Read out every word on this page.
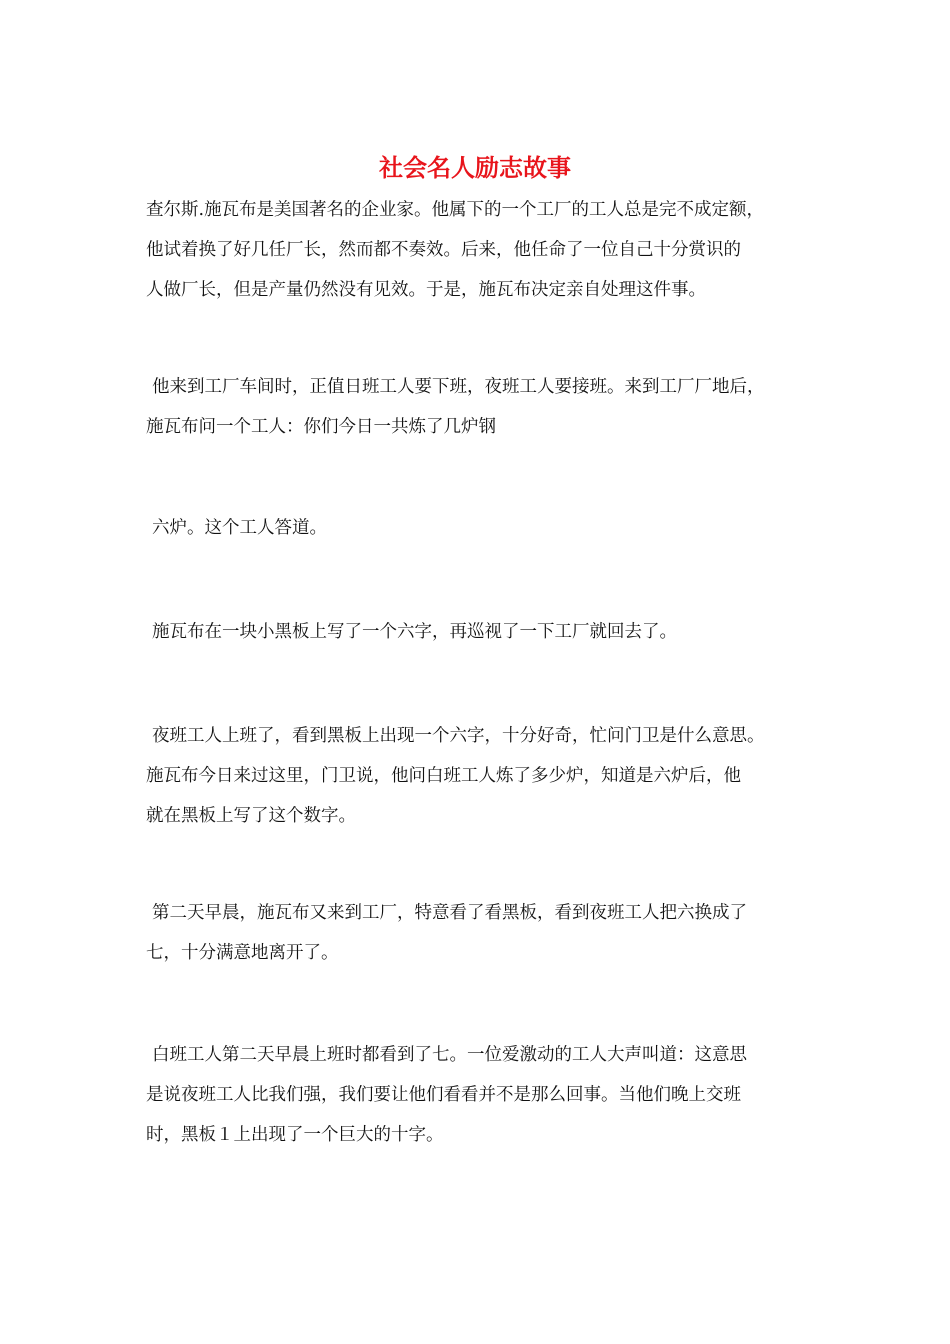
社会名人励志故事
查尔斯.施瓦布是美国著名的企业家。他属下的一个工厂的工人总是完不成定额，
他试着换了好几任厂长，然而都不奏效。后来，他任命了一位自己十分赏识的
人做厂长，但是产量仍然没有见效。于是，施瓦布决定亲自处理这件事。
他来到工厂车间时，正值日班工人要下班，夜班工人要接班。来到工厂厂地后，
施瓦布问一个工人：你们今日一共炼了几炉钢
六炉。这个工人答道。
施瓦布在一块小黑板上写了一个六字，再巡视了一下工厂就回去了。
夜班工人上班了，看到黑板上出现一个六字，十分好奇，忙问门卫是什么意思。
施瓦布今日来过这里，门卫说，他问白班工人炼了多少炉，知道是六炉后，他
就在黑板上写了这个数字。
第二天早晨，施瓦布又来到工厂，特意看了看黑板，看到夜班工人把六换成了
七，十分满意地离开了。
白班工人第二天早晨上班时都看到了七。一位爱激动的工人大声叫道：这意思
是说夜班工人比我们强，我们要让他们看看并不是那么回事。当他们晚上交班
时，黑板１上出现了一个巨大的十字。
